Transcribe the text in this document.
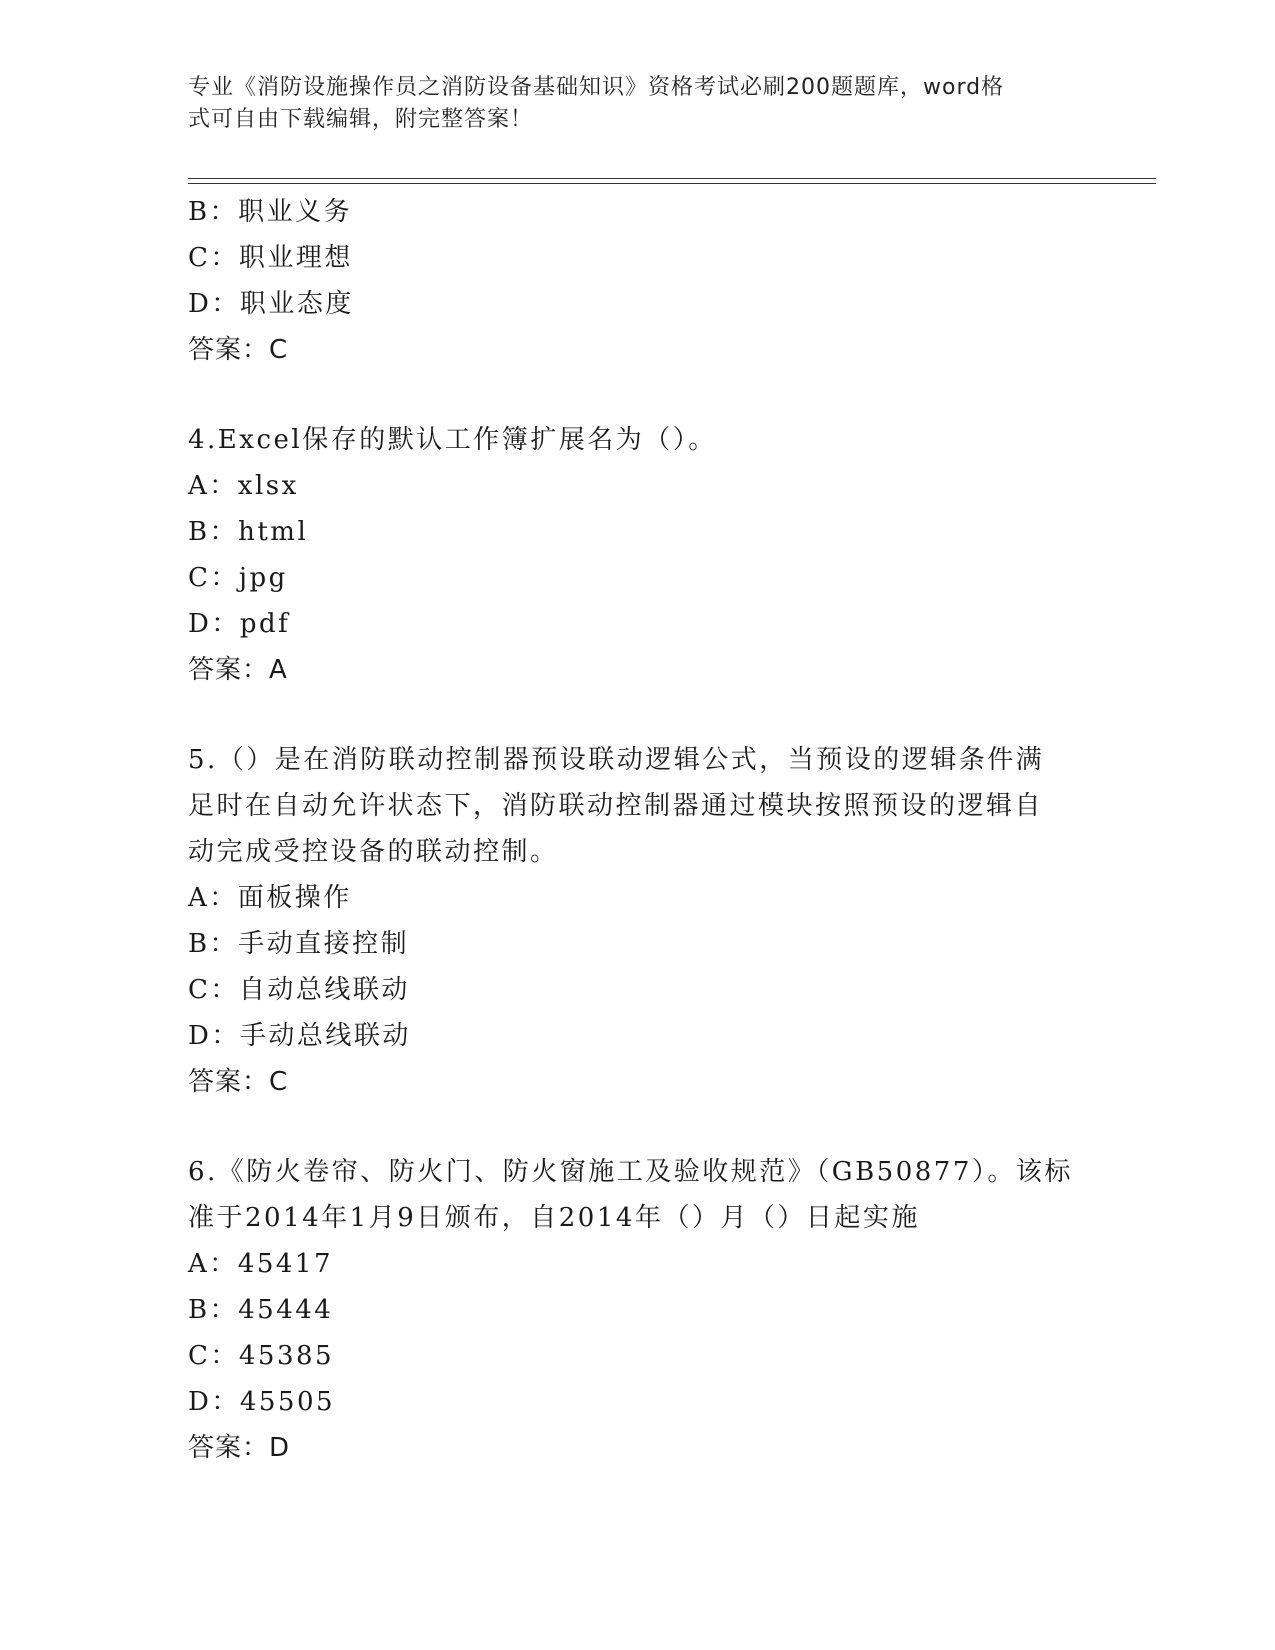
专业《消防设施操作员之消防设备基础知识》资格考试必刷200题题库，word格
式可自由下载编辑，附完整答案！
B：职业义务
C：职业理想
D：职业态度
答案：C
4.Excel保存的默认工作簿扩展名为（）。
A：xlsx
B：html
C：jpg
D：pdf
答案：A
5.（）是在消防联动控制器预设联动逻辑公式，当预设的逻辑条件满
足时在自动允许状态下，消防联动控制器通过模块按照预设的逻辑自
动完成受控设备的联动控制。
A：面板操作
B：手动直接控制
C：自动总线联动
D：手动总线联动
答案：C
6.《防火卷帘、防火门、防火窗施工及验收规范》（GB50877）。该标
准于2014年1月9日颁布，自2014年（）月（）日起实施
A：45417
B：45444
C：45385
D：45505
答案：D
